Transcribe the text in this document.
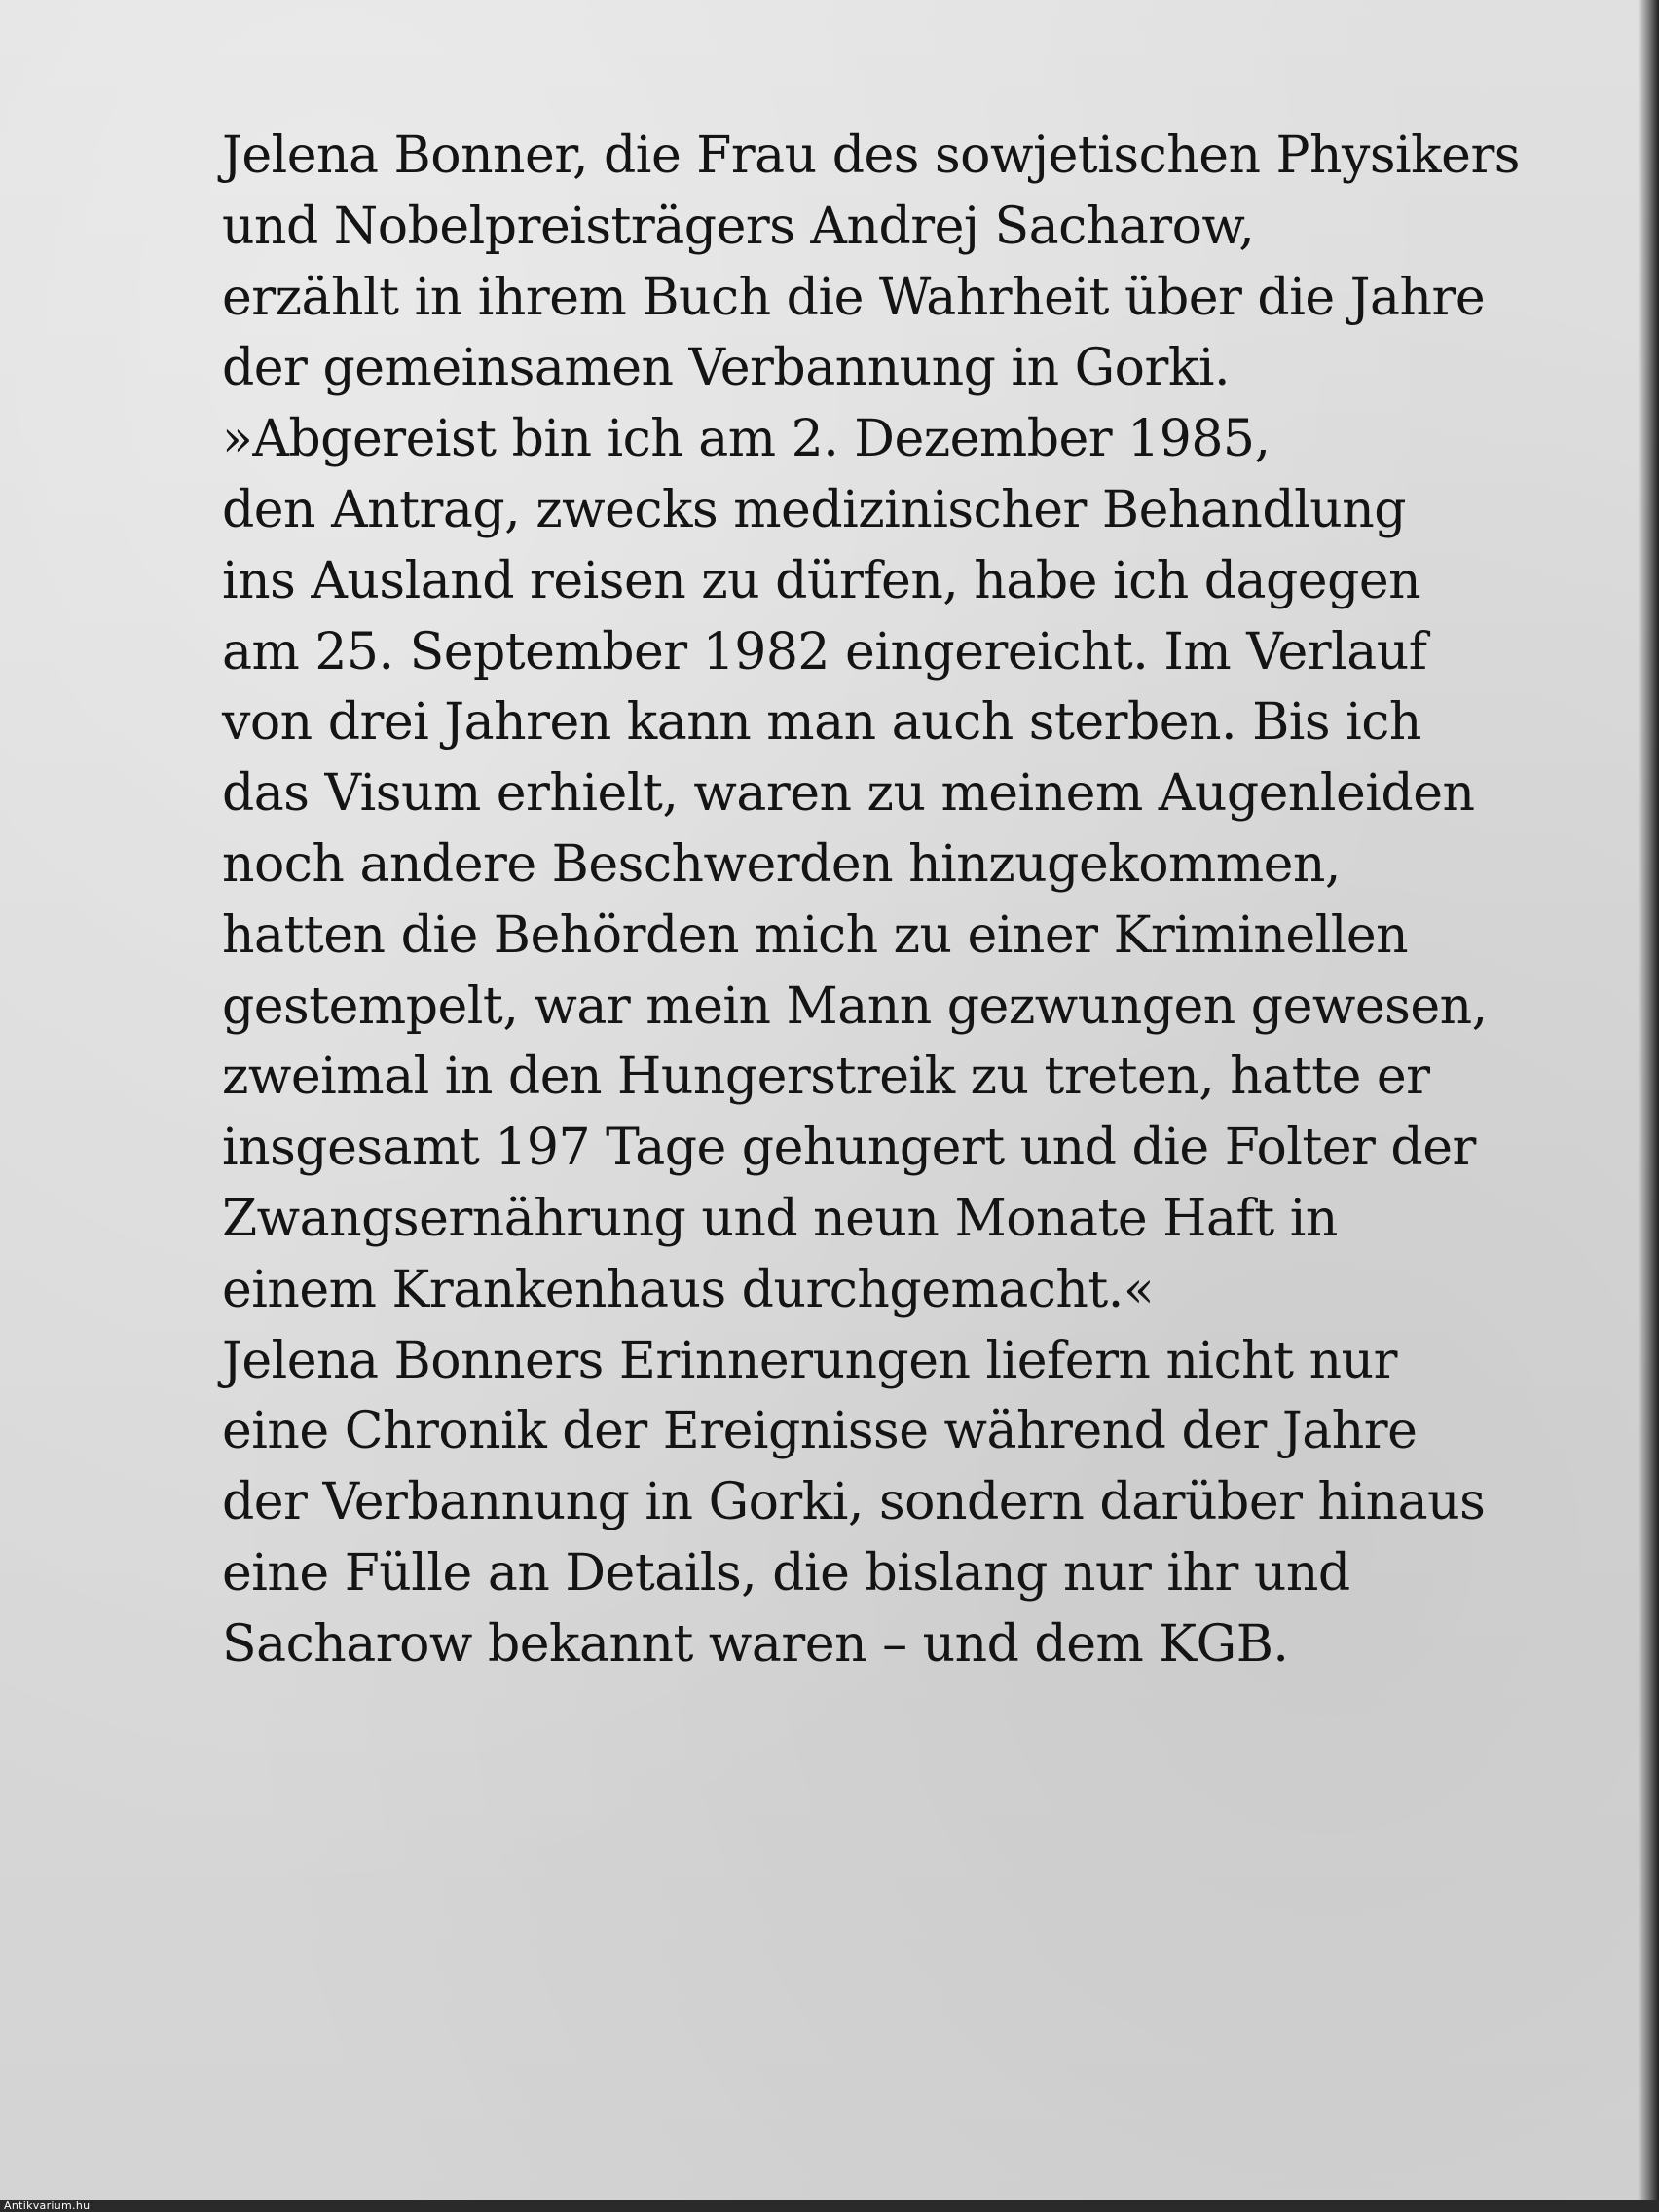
Jelena Bonner, die Frau des sowjetischen Physikers
und Nobelpreisträgers Andrej Sacharow,
erzählt in ihrem Buch die Wahrheit über die Jahre
der gemeinsamen Verbannung in Gorki.
»Abgereist bin ich am 2. Dezember 1985,
den Antrag, zwecks medizinischer Behandlung
ins Ausland reisen zu dürfen, habe ich dagegen
am 25. September 1982 eingereicht. Im Verlauf
von drei Jahren kann man auch sterben. Bis ich
das Visum erhielt, waren zu meinem Augenleiden
noch andere Beschwerden hinzugekommen,
hatten die Behörden mich zu einer Kriminellen
gestempelt, war mein Mann gezwungen gewesen,
zweimal in den Hungerstreik zu treten, hatte er
insgesamt 197 Tage gehungert und die Folter der
Zwangsernährung und neun Monate Haft in
einem Krankenhaus durchgemacht.«
Jelena Bonners Erinnerungen liefern nicht nur
eine Chronik der Ereignisse während der Jahre
der Verbannung in Gorki, sondern darüber hinaus
eine Fülle an Details, die bislang nur ihr und
Sacharow bekannt waren – und dem KGB.
Antikvarium.hu
